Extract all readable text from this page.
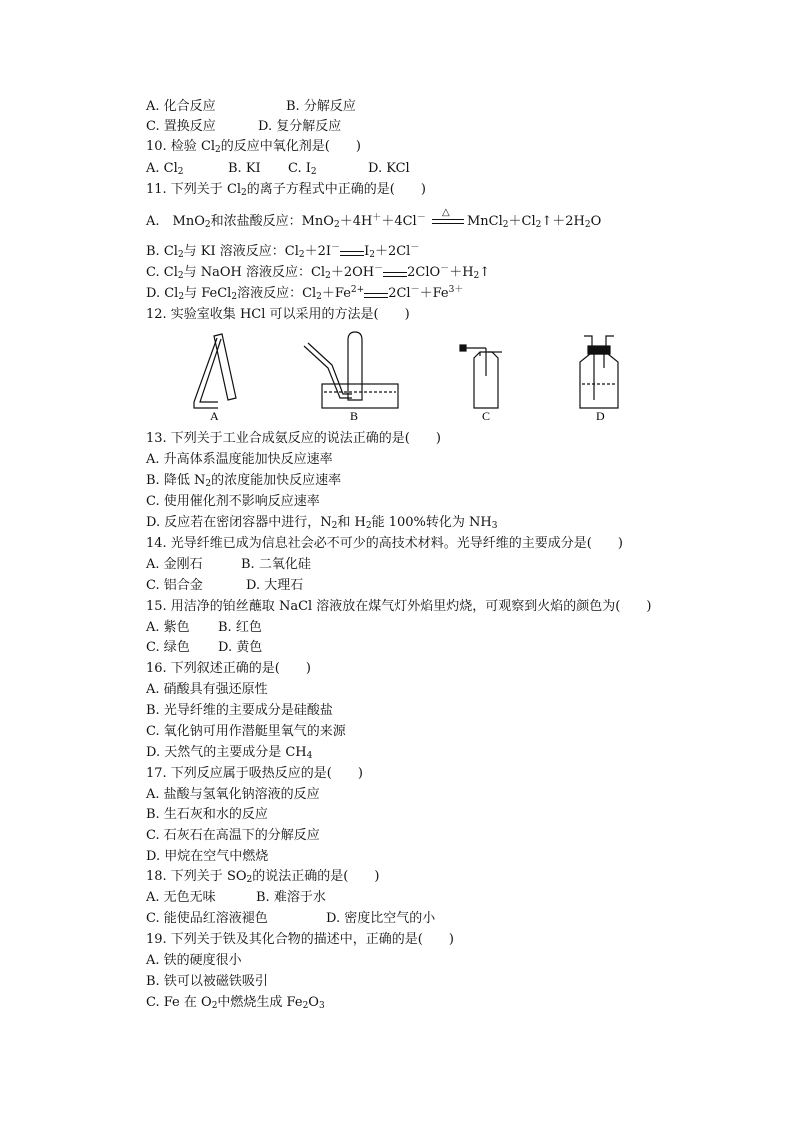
A. 化合反应	B. 分解反应
C. 置换反应	D. 复分解反应
10. 检验 $Cl_2$的反应中氧化剂是(　　)
A. $Cl_2$	B. KI C. $I_2$	D. KCl
11. 下列关于 $Cl_2$的离子方程式中正确的是(　　)
A.　MnO$_2$和浓盐酸反应：MnO$_2$＋4H＋＋4Cl－ △
$MnCl_2+Cl_2↑+2H_2O$
B. $Cl_2$与 KI 溶液反应：$Cl_2+2I^-$ $I_2+2Cl^-$
C. $Cl_2$与 NaOH 溶液反应：$Cl_2+2OH^-$ $2ClO^-+H_2↑$
D. $Cl_2$与 FeCl$_2$溶液反应：$Cl_2+Fe^{2+}$ $2Cl^-+Fe^{3+}$
12. 实验室收集 HCl 可以采用的方法是(　　)
A	B	C	D
13. 下列关于工业合成氨反应的说法正确的是(　　)
A. 升高体系温度能加快反应速率
B. 降低 $N_2$的浓度能加快反应速率
C. 使用催化剂不影响反应速率
D. 反应若在密闭容器中进行，$N_2$和 $H_2$能 100%转化为 $NH_3$
14. 光导纤维已成为信息社会必不可少的高技术材料。光导纤维的主要成分是(　　)
A. 金刚石	B. 二氧化硅
C. 铝合金	D. 大理石
15. 用洁净的铂丝蘸取 NaCl 溶液放在煤气灯外焰里灼烧，可观察到火焰的颜色为(　　)
A. 紫色 B. 红色
C. 绿色 D. 黄色
16. 下列叙述正确的是(　　)
A. 硝酸具有强还原性
B. 光导纤维的主要成分是硅酸盐
C. 氧化钠可用作潜艇里氧气的来源
D. 天然气的主要成分是 $CH_4$
17. 下列反应属于吸热反应的是(　　)
A. 盐酸与氢氧化钠溶液的反应
B. 生石灰和水的反应
C. 石灰石在高温下的分解反应
D. 甲烷在空气中燃烧
18. 下列关于 $SO_2$的说法正确的是(　　)
A. 无色无味	B. 难溶于水
C. 能使品红溶液褪色	D. 密度比空气的小
19. 下列关于铁及其化合物的描述中，正确的是(　　)
A. 铁的硬度很小
B. 铁可以被磁铁吸引
C. Fe 在 $O_2$中燃烧生成 $Fe_2O_3$
